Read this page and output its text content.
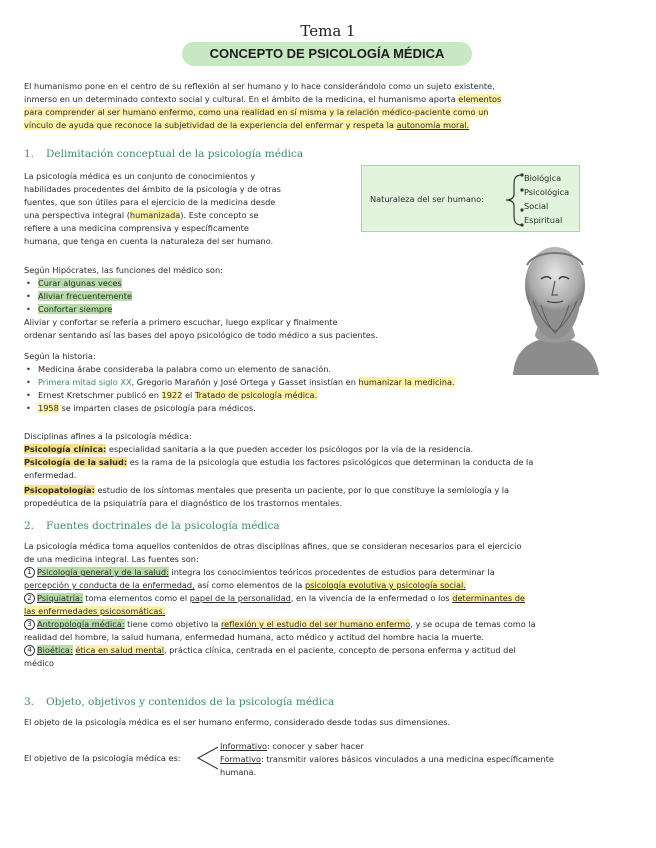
Tema 1
CONCEPTO DE PSICOLOGÍA MÉDICA
El humanismo pone en el centro de su reflexión al ser humano y lo hace considerándolo como un sujeto existente,
inmerso en un determinado contexto social y cultural. En el ámbito de la medicina, el humanismo aporta elementos
para comprender al ser humano enfermo, como una realidad en sí misma y la relación médico-paciente como un
vínculo de ayuda que reconoce la subjetividad de la experiencia del enfermar y respeta la autonomía moral.
1. Delimitación conceptual de la psicología médica
La psicología médica es un conjunto de conocimientos y
habilidades procedentes del ámbito de la psicología y de otras
fuentes, que son útiles para el ejercicio de la medicina desde
una perspectiva integral (humanizada). Este concepto se
refiere a una medicina comprensiva y específicamente
humana, que tenga en cuenta la naturaleza del ser humano.
Naturaleza del ser humano:
Biológica
Psicológica
Social
Espiritual
Según Hipócrates, las funciones del médico son:
• Curar algunas veces
• Aliviar frecuentemente
• Confortar siempre
Aliviar y confortar se refería a primero escuchar, luego explicar y finalmente
ordenar sentando así las bases del apoyo psicológico de todo médico a sus pacientes.
Según la historia:
• Medicina árabe consideraba la palabra como un elemento de sanación.
• Primera mitad siglo XX, Gregorio Marañón y José Ortega y Gasset insistían en humanizar la medicina.
• Ernest Kretschmer publicó en 1922 el Tratado de psicología médica.
• 1958 se imparten clases de psicología para médicos.
Disciplinas afines a la psicología médica:
Psicología clínica: especialidad sanitaria a la que pueden acceder los psicólogos por la vía de la residencia.
Psicología de la salud: es la rama de la psicología que estudia los factores psicológicos que determinan la conducta de la
enfermedad.
Psicopatología: estudio de los síntomas mentales que presenta un paciente, por lo que constituye la semiología y la
propedéutica de la psiquiatría para el diagnóstico de los trastornos mentales.
2. Fuentes doctrinales de la psicología médica
La psicología médica toma aquellos contenidos de otras disciplinas afines, que se consideran necesarios para el ejercicio
de una medicina integral. Las fuentes son:
1 Psicología general y de la salud: integra los conocimientos teóricos procedentes de estudios para determinar la
percepción y conducta de la enfermedad, así como elementos de la psicología evolutiva y psicología social.
2 Psiquiatría: toma elementos como el papel de la personalidad, en la vivencia de la enfermedad o los determinantes de
las enfermedades psicosomáticas.
3 Antropología médica: tiene como objetivo la reflexión y el estudio del ser humano enfermo, y se ocupa de temas como la
realidad del hombre, la salud humana, enfermedad humana, acto médico y actitud del hombre hacia la muerte.
4 Bioética: ética en salud mental, práctica clínica, centrada en el paciente, concepto de persona enferma y actitud del
médico
3. Objeto, objetivos y contenidos de la psicología médica
El objeto de la psicología médica es el ser humano enfermo, considerado desde todas sus dimensiones.
El objetivo de la psicología médica es:
Informativo: conocer y saber hacer
Formativo: transmitir valores básicos vinculados a una medicina específicamente
humana.
